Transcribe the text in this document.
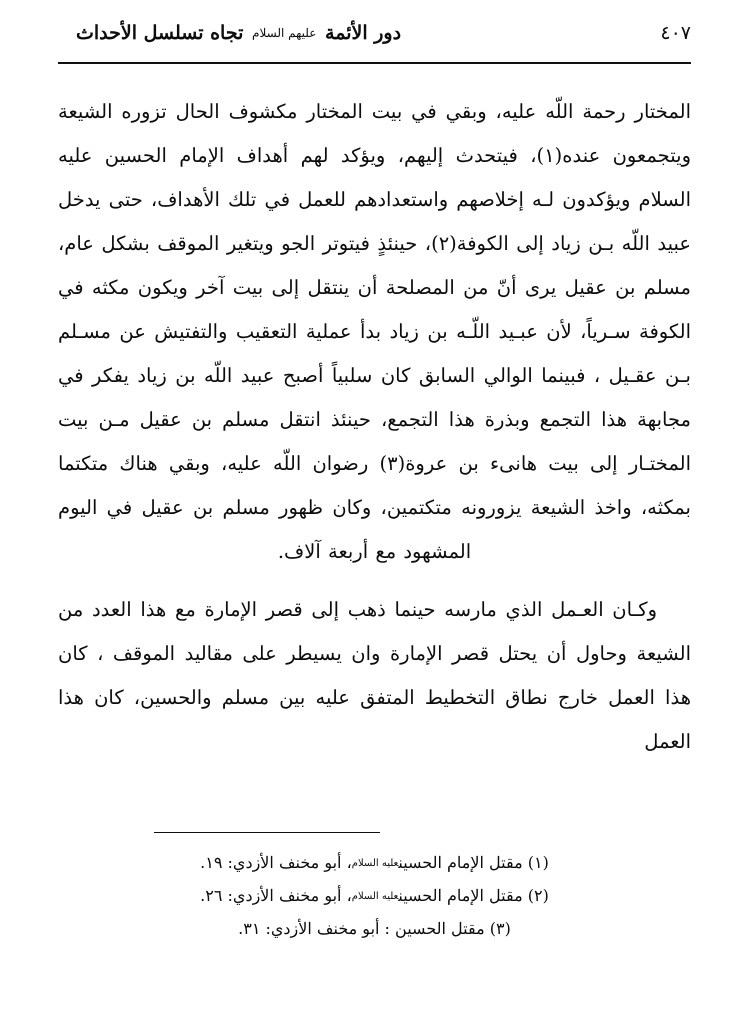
٤٠٧
دور الأئمة عليهم السلام تجاه تسلسل الأحداث

المختار رحمة اللّه عليه، وبقي في بيت المختار مكشوف الحال تزوره الشيعة ويتجمعون عنده(١)، فيتحدث إليهم، ويؤكد لهم أهداف الإمام الحسين عليه السلام ويؤكدون لـه إخلاصهم واستعدادهم للعمل في تلك الأهداف، حتى يدخل عبيد اللّه بـن زياد إلى الكوفة(٢)، حينئذٍ فيتوتر الجو ويتغير الموقف بشكل عام، مسلم بن عقيل يرى أنّ من المصلحة أن ينتقل إلى بيت آخر ويكون مكثه في الكوفة سـرياً، لأن عبـيد اللّـه بن زياد بدأ عملية التعقيب والتفتيش عن مسـلم بـن عقـيل ، فبينما الوالي السابق كان سلبياً أصبح عبيد اللّه بن زياد يفكر في مجابهة هذا التجمع وبذرة هذا التجمع، حينئذ انتقل مسلم بن عقيل مـن بيت المختـار إلى بيت هانىء بن عروة(٣) رضوان اللّه عليه، وبقي هناك متكتما بمكثه، واخذ الشيعة يزورونه متكتمين، وكان ظهور مسلم بن عقيل في اليوم المشهود مع أربعة آلاف.

وكـان العـمل الذي مارسه حينما ذهب إلى قصر الإمارة مع هذا العدد من الشيعة وحاول أن يحتل قصر الإمارة وان يسيطر على مقاليد الموقف ، كان هذا العمل خارج نطاق التخطيط المتفق عليه بين مسلم والحسين، كان هذا العمل

(١) مقتل الإمام الحسينعليه السلام، أبو مخنف الأزدي: ١٩.
(٢) مقتل الإمام الحسينعليه السلام، أبو مخنف الأزدي: ٢٦.
(٣) مقتل الحسين : أبو مخنف الأزدي: ٣١.
